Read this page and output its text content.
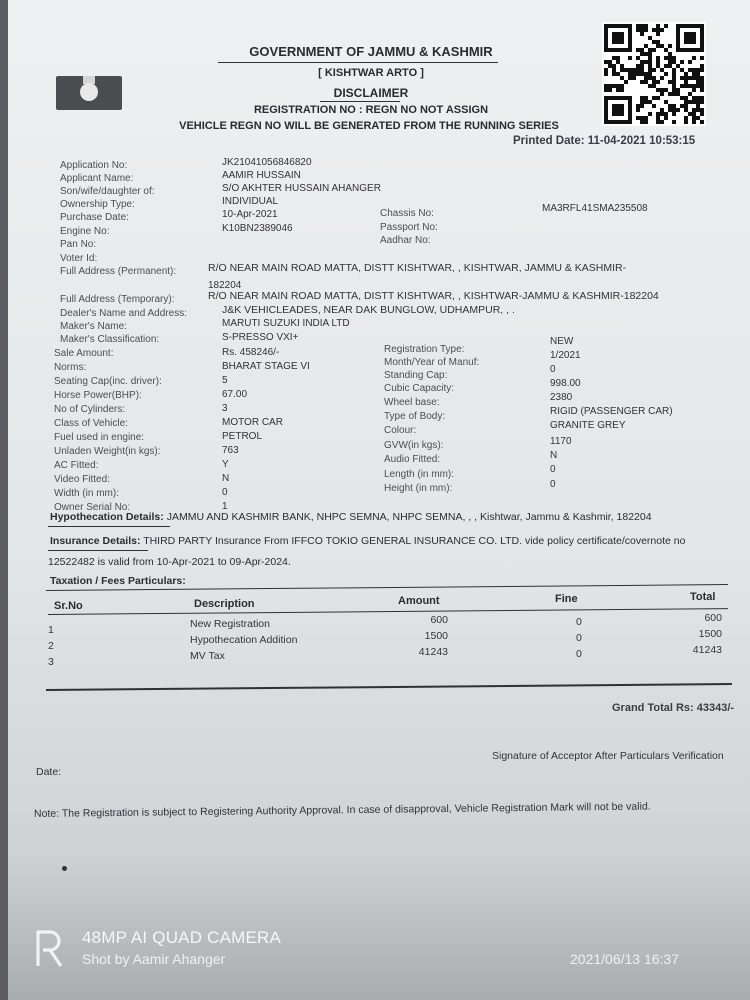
GOVERNMENT OF JAMMU & KASHMIR
[ KISHTWAR ARTO ]
DISCLAIMER
REGISTRATION NO : REGN NO NOT ASSIGN
VEHICLE REGN NO WILL BE GENERATED FROM THE RUNNING SERIES
Printed Date: 11-04-2021 10:53:15
Application No:	JK21041056846820
Applicant Name:	AAMIR HUSSAIN
Son/wife/daughter of:	S/O AKHTER HUSSAIN AHANGER
Ownership Type:	INDIVIDUAL
Purchase Date:	10-Apr-2021
Engine No:	K10BN2389046
Pan No:
Voter Id:
Chassis No:	MA3RFL41SMA235508
Passport No:
Aadhar No:
Full Address (Permanent):	R/O NEAR MAIN ROAD MATTA, DISTT KISHTWAR, , KISHTWAR, JAMMU & KASHMIR-
182204
Full Address (Temporary):	R/O NEAR MAIN ROAD MATTA, DISTT KISHTWAR, , KISHTWAR-JAMMU & KASHMIR-182204
Dealer's Name and Address:	J&K VEHICLEADES, NEAR DAK BUNGLOW, UDHAMPUR, , .
Maker's Name:	MARUTI SUZUKI INDIA LTD
Maker's Classification:	S-PRESSO VXI+
Sale Amount:	Rs. 458246/-
Norms:	BHARAT STAGE VI
Seating Cap(inc. driver):	5
Horse Power(BHP):	67.00
No of Cylinders:	3
Class of Vehicle:	MOTOR CAR
Fuel used in engine:	PETROL
Unladen Weight(in kgs):	763
AC Fitted:	Y
Video Fitted:	N
Width (in mm):	0
Owner Serial No:	1
Registration Type:
NEW
Month/Year of Manuf:
1/2021
Standing Cap:
0
Cubic Capacity:	998.00
Wheel base:	2380
Type of Body:	RIGID (PASSENGER CAR)
Colour:	GRANITE GREY
GVW(in kgs):	1170
Audio Fitted:	N
Length (in mm):	0
Height (in mm):	0
Hypothecation Details: JAMMU AND KASHMIR BANK, NHPC SEMNA, NHPC SEMNA, , , Kishtwar, Jammu & Kashmir, 182204
Insurance Details: THIRD PARTY Insurance From IFFCO TOKIO GENERAL INSURANCE CO. LTD. vide policy certificate/covernote no
12522482 is valid from 10-Apr-2021 to 09-Apr-2024.
Taxation / Fees Particulars:
Sr.No	Description	Amount	Fine	Total
1	New Registration	600	0	600
2	Hypothecation Addition	1500	0	1500
3	MV Tax	41243	0	41243
Grand Total Rs: 43343/-
Signature of Acceptor After Particulars Verification
Date:
Note: The Registration is subject to Registering Authority Approval. In case of disapproval, Vehicle Registration Mark will not be valid.
48MP AI QUAD CAMERA
Shot by Aamir Ahanger	2021/06/13 16:37
